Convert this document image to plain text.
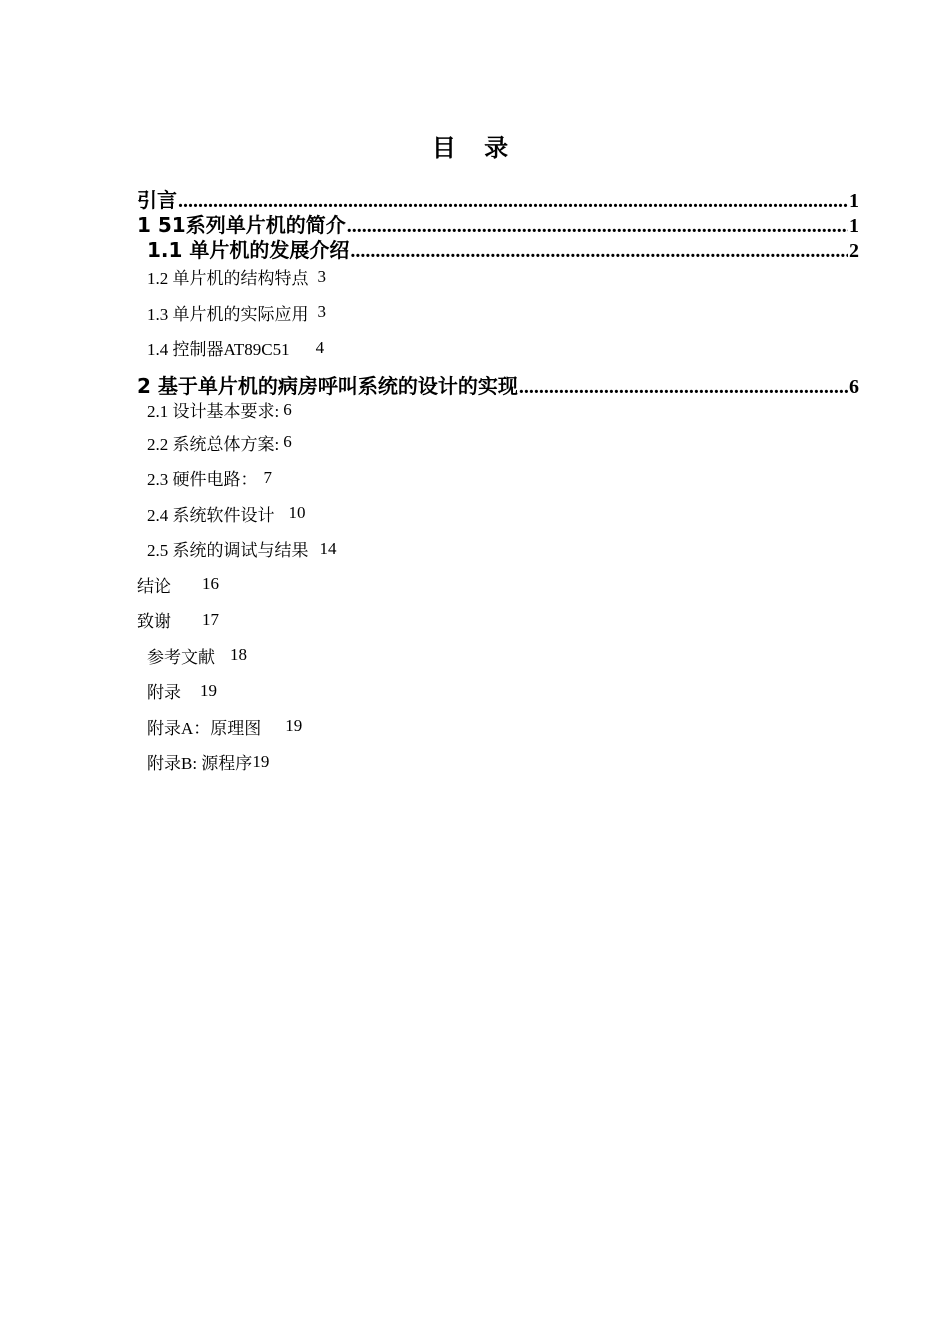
目 录
引言 .....	1
1 51系列单片机的简介 .....	1
1.1 单片机的发展介绍 .....	2
1.2 单片机的结构特点 3
1.3 单片机的实际应用 3
1.4 控制器AT89C51 4
2 基于单片机的病房呼叫系统的设计的实现 .....	6
2.1 设计基本要求: 6
2.2 系统总体方案: 6
2.3 硬件电路： 7
2.4 系统软件设计 10
2.5 系统的调试与结果 14
结论 16
致谢 17
参考文献 18
附录 19
附录A：原理图 19
附录B: 源程序 19
